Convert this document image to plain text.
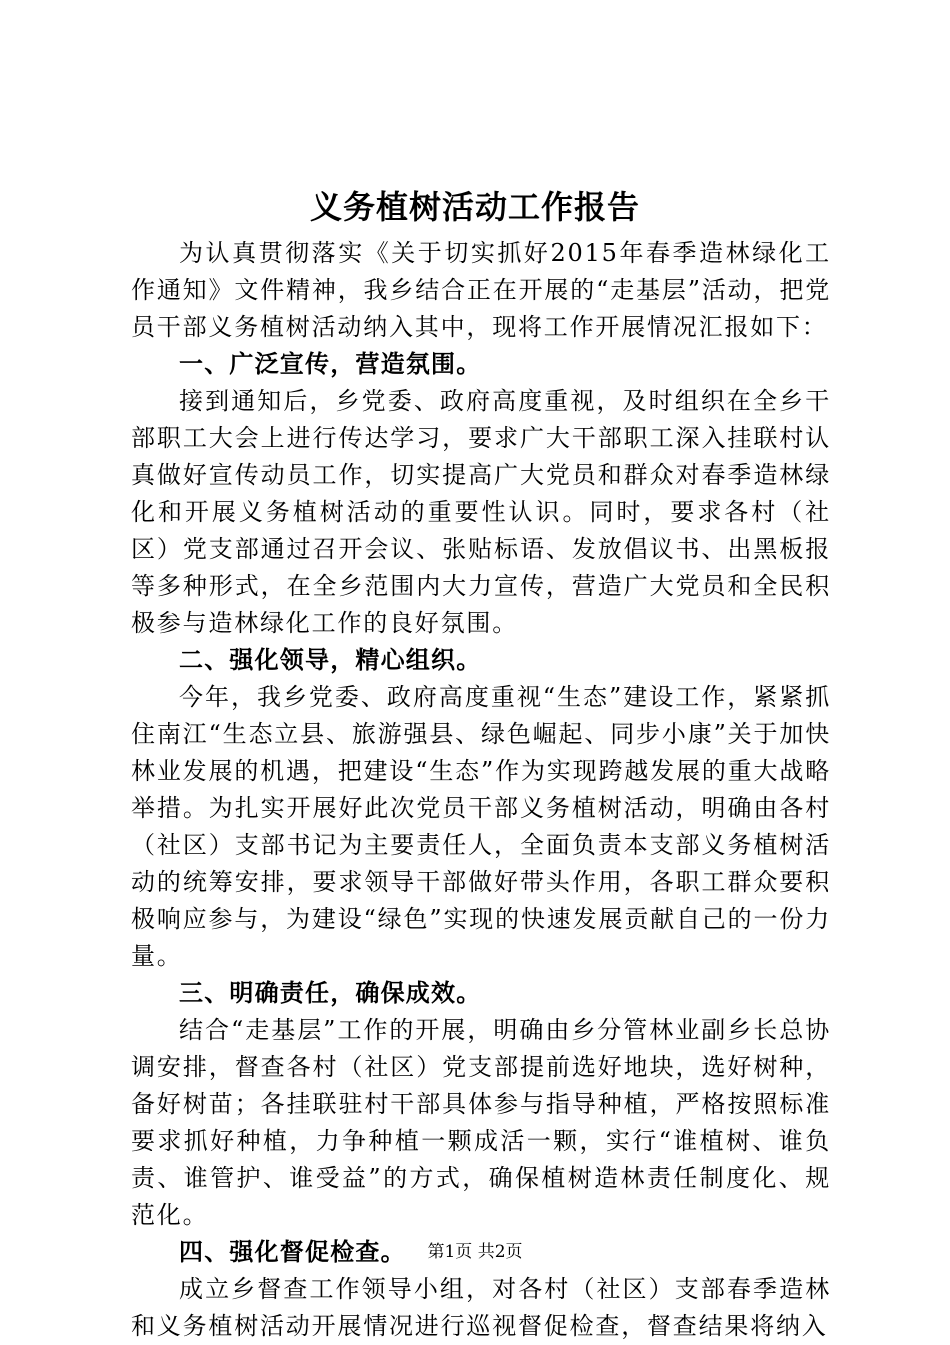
义务植树活动工作报告

为认真贯彻落实《关于切实抓好2015年春季造林绿化工作通知》文件精神，我乡结合正在开展的“走基层”活动，把党员干部义务植树活动纳入其中，现将工作开展情况汇报如下：

一、广泛宣传，营造氛围。

接到通知后，乡党委、政府高度重视，及时组织在全乡干部职工大会上进行传达学习，要求广大干部职工深入挂联村认真做好宣传动员工作，切实提高广大党员和群众对春季造林绿化和开展义务植树活动的重要性认识。同时，要求各村（社区）党支部通过召开会议、张贴标语、发放倡议书、出黑板报等多种形式，在全乡范围内大力宣传，营造广大党员和全民积极参与造林绿化工作的良好氛围。

二、强化领导，精心组织。

今年，我乡党委、政府高度重视“生态”建设工作，紧紧抓住南江“生态立县、旅游强县、绿色崛起、同步小康”关于加快林业发展的机遇，把建设“生态”作为实现跨越发展的重大战略举措。为扎实开展好此次党员干部义务植树活动，明确由各村（社区）支部书记为主要责任人，全面负责本支部义务植树活动的统筹安排，要求领导干部做好带头作用，各职工群众要积极响应参与，为建设“绿色”实现的快速发展贡献自己的一份力量。

三、明确责任，确保成效。

结合“走基层”工作的开展，明确由乡分管林业副乡长总协调安排，督查各村（社区）党支部提前选好地块，选好树种，备好树苗；各挂联驻村干部具体参与指导种植，严格按照标准要求抓好种植，力争种植一颗成活一颗，实行“谁植树、谁负责、谁管护、谁受益”的方式，确保植树造林责任制度化、规范化。

四、强化督促检查。

成立乡督查工作领导小组，对各村（社区）支部春季造林和义务植树活动开展情况进行巡视督促检查，督查结果将纳入

第1页 共2页
